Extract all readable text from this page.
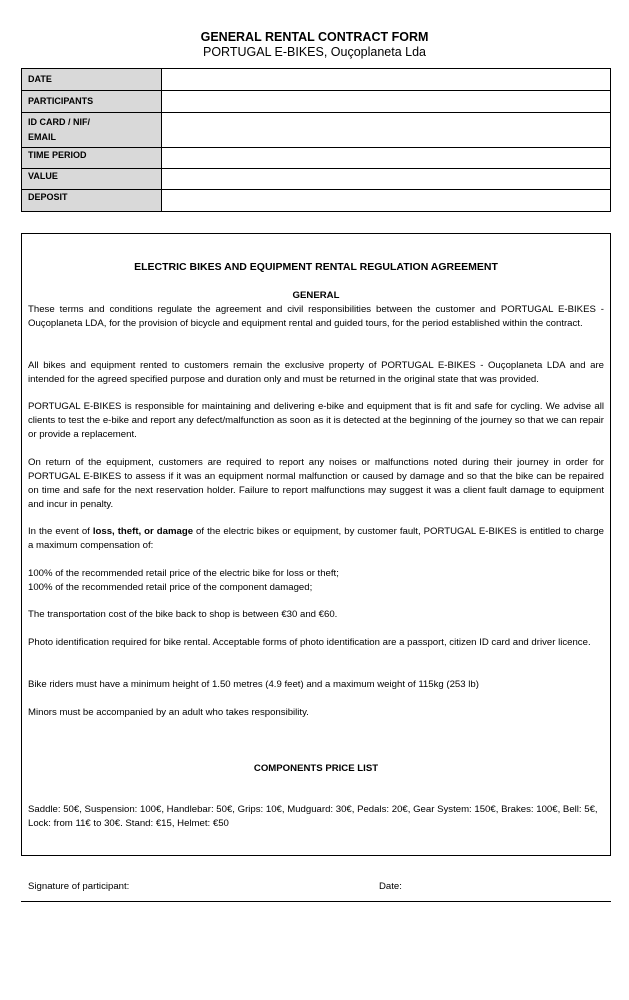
GENERAL RENTAL CONTRACT FORM
PORTUGAL E-BIKES, Ouçoplaneta Lda
DATE	
PARTICIPANTS	

ID CARD / NIF/
EMAIL	

TIME PERIOD	
VALUE	
DEPOSIT	
ELECTRIC BIKES AND EQUIPMENT RENTAL REGULATION AGREEMENT
GENERAL

These terms and conditions regulate the agreement and civil responsibilities between the customer and PORTUGAL E-BIKES - Ouçoplaneta LDA, for the provision of bicycle and equipment rental and guided tours, for the period established within the contract.

All bikes and equipment rented to customers remain the exclusive property of PORTUGAL E-BIKES - Ouçoplaneta LDA and are intended for the agreed specified purpose and duration only and must be returned in the original state that was provided.

PORTUGAL E-BIKES is responsible for maintaining and delivering e-bike and equipment that is fit and safe for cycling. We advise all clients to test the e-bike and report any defect/malfunction as soon as it is detected at the beginning of the journey so that we can repair or provide a replacement.

On return of the equipment, customers are required to report any noises or malfunctions noted during their journey in order for PORTUGAL E-BIKES to assess if it was an equipment normal malfunction or caused by damage and so that the bike can be repaired on time and safe for the next reservation holder. Failure to report malfunctions may suggest it was a client fault damage to equipment and incur in penalty.

In the event of loss, theft, or damage of the electric bikes or equipment, by customer fault, PORTUGAL E-BIKES is entitled to charge a maximum compensation of:

100% of the recommended retail price of the electric bike for loss or theft;
100% of the recommended retail price of the component damaged;

The transportation cost of the bike back to shop is between €30 and €60.

Photo identification required for bike rental. Acceptable forms of photo identification are a passport, citizen ID card and driver licence.

Bike riders must have a minimum height of 1.50 metres (4.9 feet) and a maximum weight of 115kg (253 lb)

Minors must be accompanied by an adult who takes responsibility.

COMPONENTS PRICE LIST

Saddle: 50€, Suspension: 100€, Handlebar: 50€, Grips: 10€, Mudguard: 30€, Pedals: 20€, Gear System: 150€, Brakes: 100€, Bell: 5€, Lock: from 11€ to 30€. Stand: €15, Helmet: €50

Signature of participant:	Date:
